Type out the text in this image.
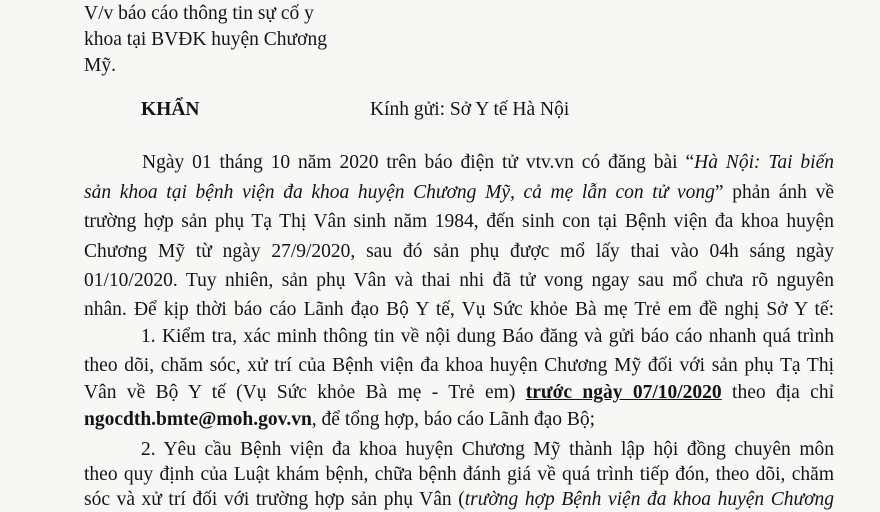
V/v báo cáo thông tin sự cố y
khoa tại BVĐK huyện Chương
Mỹ.
KHẨN	Kính gửi: Sở Y tế Hà Nội
Ngày 01 tháng 10 năm 2020 trên báo điện tử vtv.vn có đăng bài “Hà Nội: Tai biến
sản khoa tại bệnh viện đa khoa huyện Chương Mỹ, cả mẹ lẫn con tử vong” phản ánh về
trường hợp sản phụ Tạ Thị Vân sinh năm 1984, đến sinh con tại Bệnh viện đa khoa huyện
Chương Mỹ từ ngày 27/9/2020, sau đó sản phụ được mổ lấy thai vào 04h sáng ngày
01/10/2020. Tuy nhiên, sản phụ Vân và thai nhi đã tử vong ngay sau mổ chưa rõ nguyên
nhân. Để kịp thời báo cáo Lãnh đạo Bộ Y tế, Vụ Sức khỏe Bà mẹ Trẻ em đề nghị Sở Y tế:
1. Kiểm tra, xác minh thông tin về nội dung Báo đăng và gửi báo cáo nhanh quá trình
theo dõi, chăm sóc, xử trí của Bệnh viện đa khoa huyện Chương Mỹ đối với sản phụ Tạ Thị
Vân về Bộ Y tế (Vụ Sức khỏe Bà mẹ - Trẻ em) trước ngày 07/10/2020 theo địa chỉ
ngocdth.bmte@moh.gov.vn, để tổng hợp, báo cáo Lãnh đạo Bộ;
2. Yêu cầu Bệnh viện đa khoa huyện Chương Mỹ thành lập hội đồng chuyên môn
theo quy định của Luật khám bệnh, chữa bệnh đánh giá về quá trình tiếp đón, theo dõi, chăm
sóc và xử trí đối với trường hợp sản phụ Vân (trường hợp Bệnh viện đa khoa huyện Chương
